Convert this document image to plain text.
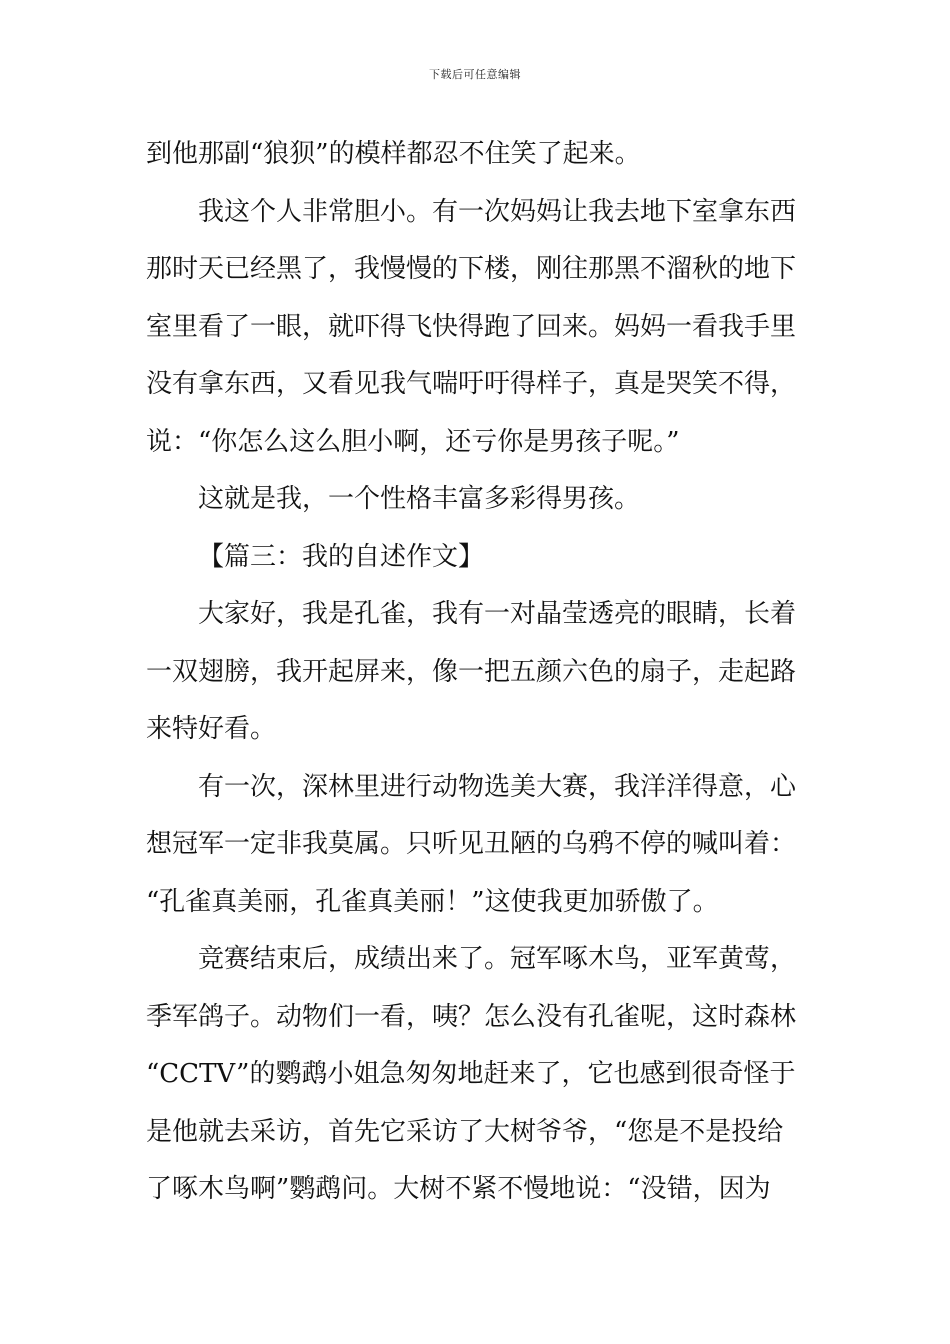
下载后可任意编辑
到他那副“狼狈”的模样都忍不住笑了起来。
我这个人非常胆小。有一次妈妈让我去地下室拿东西
那时天已经黑了，我慢慢的下楼，刚往那黑不溜秋的地下
室里看了一眼，就吓得飞快得跑了回来。妈妈一看我手里
没有拿东西，又看见我气喘吁吁得样子，真是哭笑不得，
说：“你怎么这么胆小啊，还亏你是男孩子呢。”
这就是我，一个性格丰富多彩得男孩。
【篇三：我的自述作文】
大家好，我是孔雀，我有一对晶莹透亮的眼睛，长着
一双翅膀，我开起屏来，像一把五颜六色的扇子，走起路
来特好看。
有一次，深林里进行动物选美大赛，我洋洋得意，心
想冠军一定非我莫属。只听见丑陋的乌鸦不停的喊叫着：
“孔雀真美丽，孔雀真美丽！”这使我更加骄傲了。
竞赛结束后，成绩出来了。冠军啄木鸟，亚军黄莺，
季军鸽子。动物们一看，咦？怎么没有孔雀呢，这时森林
“CCTV”的鹦鹉小姐急匆匆地赶来了，它也感到很奇怪于
是他就去采访，首先它采访了大树爷爷，“您是不是投给
了啄木鸟啊”鹦鹉问。大树不紧不慢地说：“没错，因为
